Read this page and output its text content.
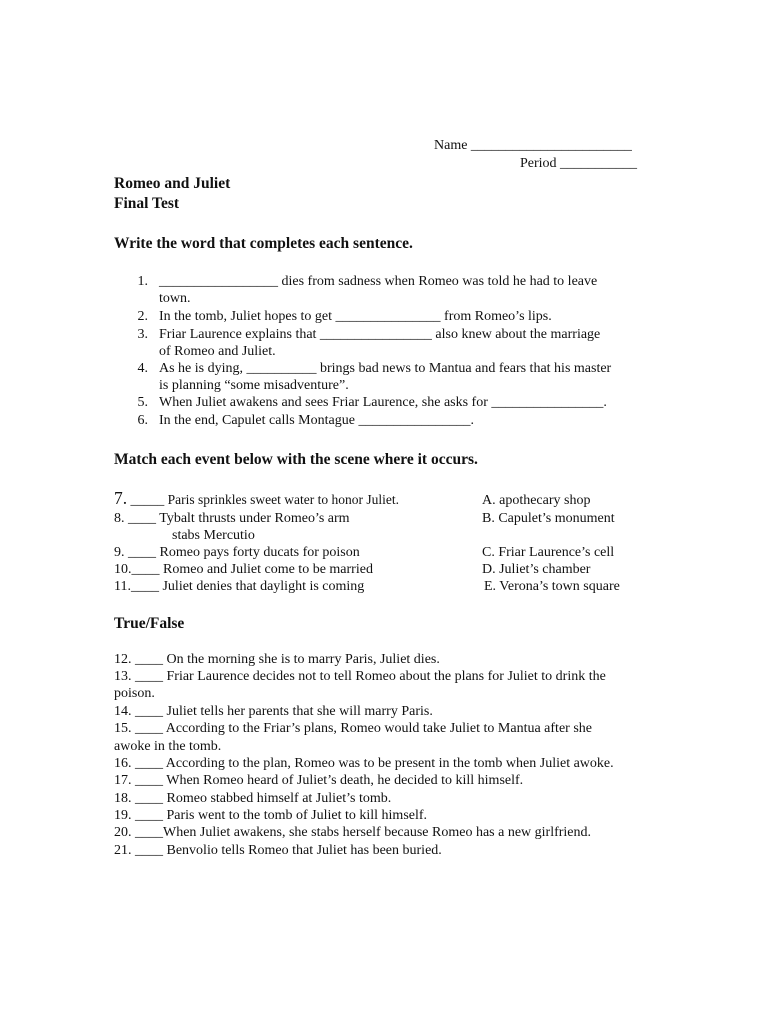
Name _______________________
Period ___________
Romeo and Juliet
Final Test
Write the word that completes each sentence.
1. _________________ dies from sadness when Romeo was told he had to leave
town.
2. In the tomb, Juliet hopes to get _______________ from Romeo’s lips.
3. Friar Laurence explains that ________________ also knew about the marriage
of Romeo and Juliet.
4. As he is dying, __________ brings bad news to Mantua and fears that his master
is planning “some misadventure”.
5. When Juliet awakens and sees Friar Laurence, she asks for ________________.
6. In the end, Capulet calls Montague ________________.
Match each event below with the scene where it occurs.
7. _____ Paris sprinkles sweet water to honor Juliet.
8. ____ Tybalt thrusts under Romeo’s arm
stabs Mercutio
9. ____ Romeo pays forty ducats for poison
10.____ Romeo and Juliet come to be married
11.____ Juliet denies that daylight is coming
A. apothecary shop
B. Capulet’s monument
C. Friar Laurence’s cell
D. Juliet’s chamber
E. Verona’s town square
True/False
12. ____ On the morning she is to marry Paris, Juliet dies.
13. ____ Friar Laurence decides not to tell Romeo about the plans for Juliet to drink the
poison.
14. ____ Juliet tells her parents that she will marry Paris.
15. ____ According to the Friar’s plans, Romeo would take Juliet to Mantua after she
awoke in the tomb.
16. ____ According to the plan, Romeo was to be present in the tomb when Juliet awoke.
17. ____ When Romeo heard of Juliet’s death, he decided to kill himself.
18. ____ Romeo stabbed himself at Juliet’s tomb.
19. ____ Paris went to the tomb of Juliet to kill himself.
20. ____When Juliet awakens, she stabs herself because Romeo has a new girlfriend.
21. ____ Benvolio tells Romeo that Juliet has been buried.
